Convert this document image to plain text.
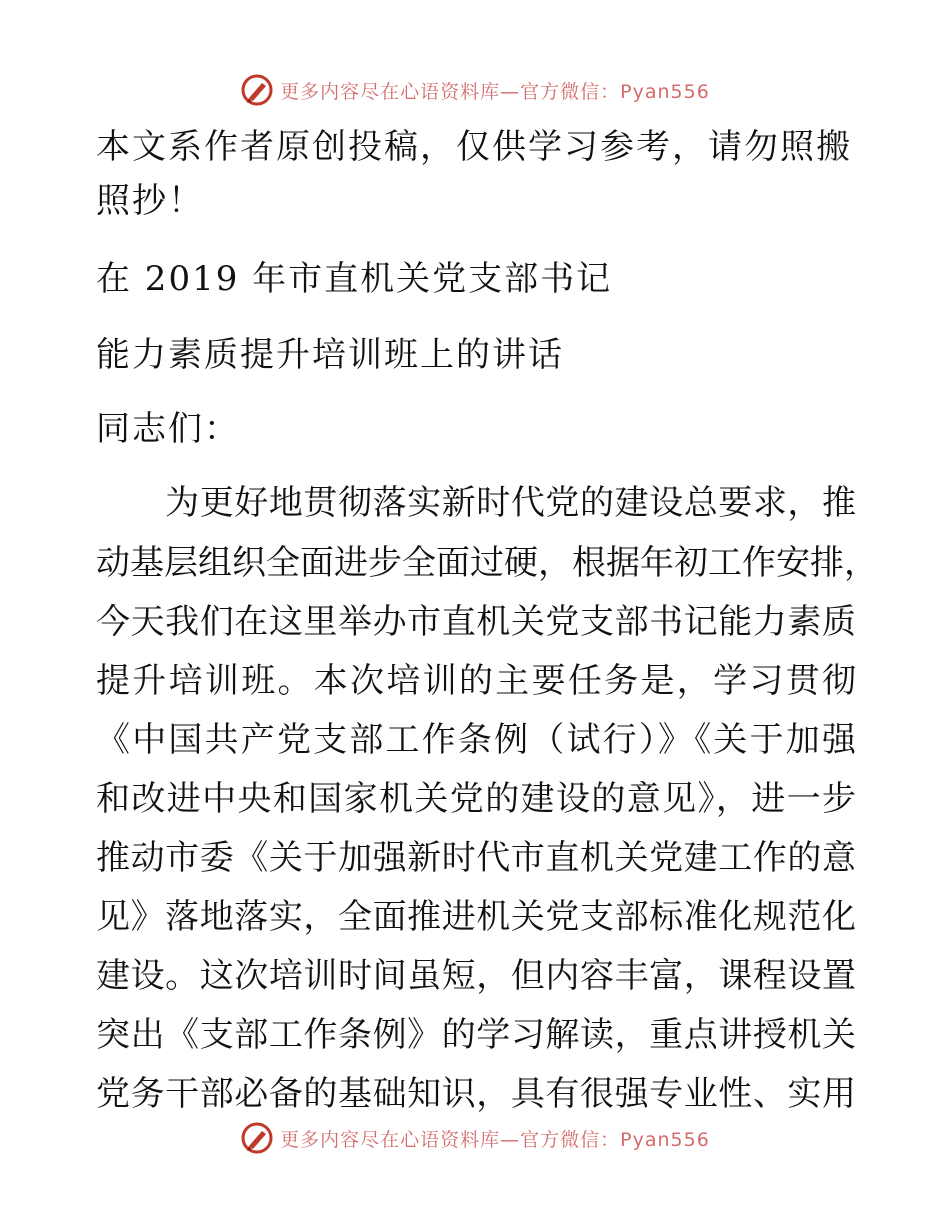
更多内容尽在心语资料库—官方微信：Pyan556
本文系作者原创投稿，仅供学习参考，请勿照搬
照抄！
在 2019 年市直机关党支部书记
能力素质提升培训班上的讲话
同志们：
　　为更好地贯彻落实新时代党的建设总要求，推
动基层组织全面进步全面过硬，根据年初工作安排，
今天我们在这里举办市直机关党支部书记能力素质
提升培训班。本次培训的主要任务是，学习贯彻
《中国共产党支部工作条例（试行）》《关于加强
和改进中央和国家机关党的建设的意见》，进一步
推动市委《关于加强新时代市直机关党建工作的意
见》落地落实，全面推进机关党支部标准化规范化
建设。这次培训时间虽短，但内容丰富，课程设置
突出《支部工作条例》的学习解读，重点讲授机关
党务干部必备的基础知识，具有很强专业性、实用
更多内容尽在心语资料库—官方微信：Pyan556
